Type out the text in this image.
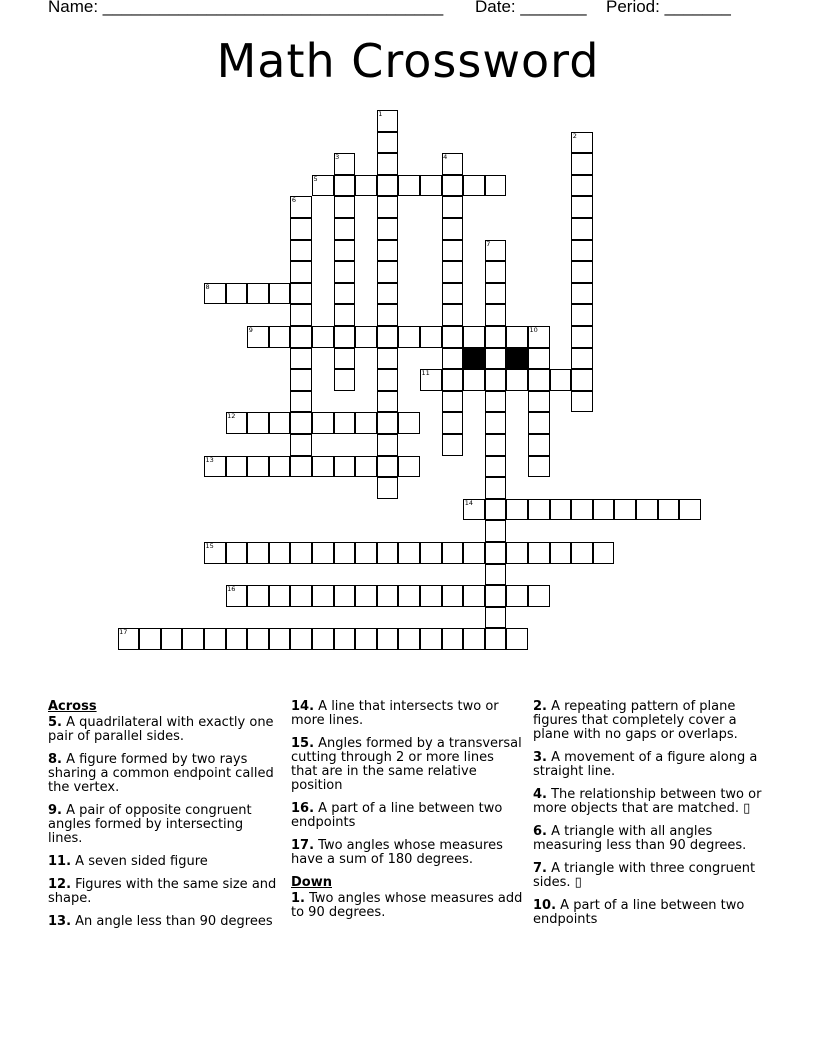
Name: ____________________________________ Date: _______ Period: _______
Math Crossword
1
2
3	4
5
6
7
8
9	10
11
12
13
14
15
16
17
Across
5. A quadrilateral with exactly one pair of parallel sides.
8. A figure formed by two rays sharing a common endpoint called the vertex.
9. A pair of opposite congruent angles formed by intersecting lines.
11. A seven sided figure
12. Figures with the same size and shape.
13. An angle less than 90 degrees
14. A line that intersects two or more lines.
15. Angles formed by a transversal cutting through 2 or more lines that are in the same relative position
16. A part of a line between two endpoints
17. Two angles whose measures have a sum of 180 degrees.
Down
1. Two angles whose measures add to 90 degrees.
2. A repeating pattern of plane figures that completely cover a plane with no gaps or overlaps.
3. A movement of a figure along a straight line.
4. The relationship between two or more objects that are matched. ▯
6. A triangle with all angles measuring less than 90 degrees.
7. A triangle with three congruent sides. ▯
10. A part of a line between two endpoints
